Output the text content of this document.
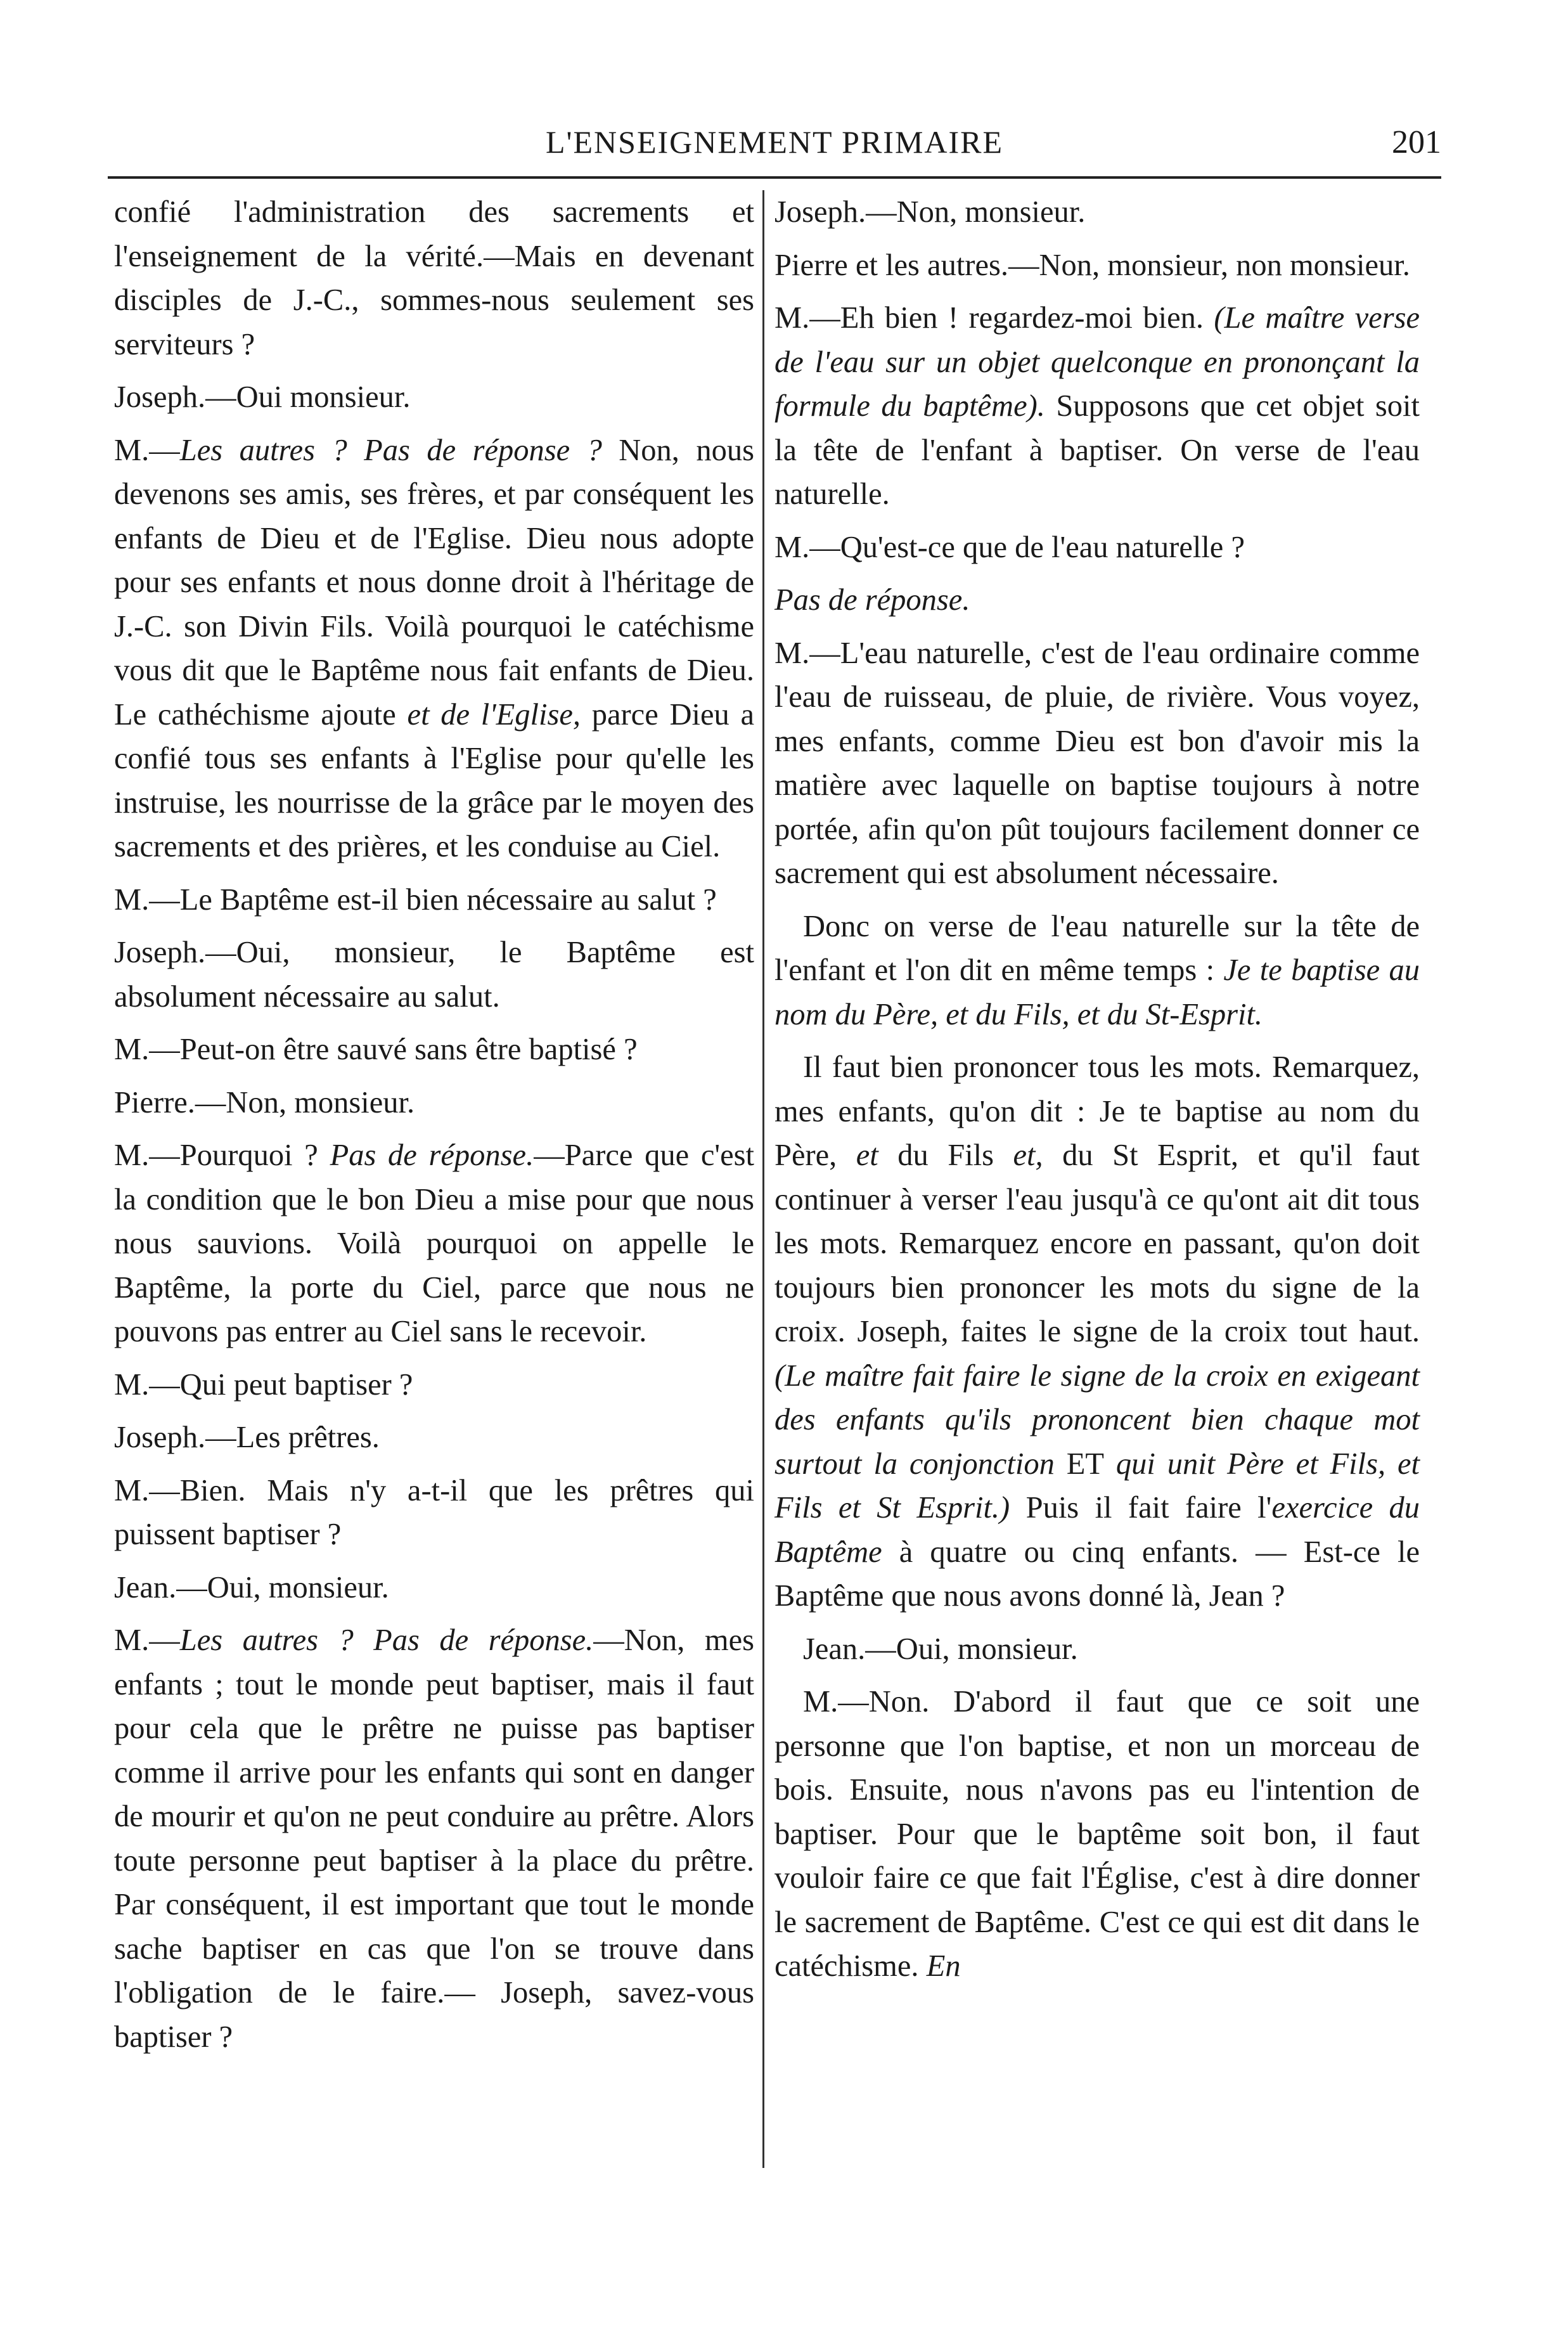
L'ENSEIGNEMENT PRIMAIRE	201

confié l'administration des sacrements et l'enseignement de la vérité.—Mais en devenant disciples de J.-C., sommes-nous seulement ses serviteurs ?

Joseph.—Oui monsieur.

M.—Les autres ? Pas de réponse ? Non, nous devenons ses amis, ses frères, et par conséquent les enfants de Dieu et de l'Eglise. Dieu nous adopte pour ses enfants et nous donne droit à l'héritage de J.-C. son Divin Fils. Voilà pourquoi le catéchisme vous dit que le Baptême nous fait enfants de Dieu. Le cathéchisme ajoute et de l'Eglise, parce Dieu a confié tous ses enfants à l'Eglise pour qu'elle les instruise, les nourrisse de la grâce par le moyen des sacrements et des prières, et les conduise au Ciel.

M.—Le Baptême est-il bien nécessaire au salut ?

Joseph.—Oui, monsieur, le Baptême est absolument nécessaire au salut.

M.—Peut-on être sauvé sans être baptisé ?

Pierre.—Non, monsieur.

M.—Pourquoi ? Pas de réponse.—Parce que c'est la condition que le bon Dieu a mise pour que nous nous sauvions. Voilà pourquoi on appelle le Baptême, la porte du Ciel, parce que nous ne pouvons pas entrer au Ciel sans le recevoir.

M.—Qui peut baptiser ?

Joseph.—Les prêtres.

M.—Bien. Mais n'y a-t-il que les prêtres qui puissent baptiser ?

Jean.—Oui, monsieur.

M.—Les autres ? Pas de réponse.—Non, mes enfants ; tout le monde peut baptiser, mais il faut pour cela que le prêtre ne puisse pas baptiser comme il arrive pour les enfants qui sont en danger de mourir et qu'on ne peut conduire au prêtre. Alors toute personne peut baptiser à la place du prêtre. Par conséquent, il est important que tout le monde sache baptiser en cas que l'on se trouve dans l'obligation de le faire.— Joseph, savez-vous baptiser ?

Joseph.—Non, monsieur.

Pierre et les autres.—Non, monsieur, non monsieur.

M.—Eh bien ! regardez-moi bien. (Le maître verse de l'eau sur un objet quelconque en prononçant la formule du baptême). Supposons que cet objet soit la tête de l'enfant à baptiser. On verse de l'eau naturelle.

M.—Qu'est-ce que de l'eau naturelle ?

Pas de réponse.

M.—L'eau naturelle, c'est de l'eau ordinaire comme l'eau de ruisseau, de pluie, de rivière. Vous voyez, mes enfants, comme Dieu est bon d'avoir mis la matière avec laquelle on baptise toujours à notre portée, afin qu'on pût toujours facilement donner ce sacrement qui est absolument nécessaire.

Donc on verse de l'eau naturelle sur la tête de l'enfant et l'on dit en même temps : Je te baptise au nom du Père, et du Fils, et du St-Esprit.

Il faut bien prononcer tous les mots. Remarquez, mes enfants, qu'on dit : Je te baptise au nom du Père, et du Fils et, du St Esprit, et qu'il faut continuer à verser l'eau jusqu'à ce qu'ont ait dit tous les mots. Remarquez encore en passant, qu'on doit toujours bien prononcer les mots du signe de la croix. Joseph, faites le signe de la croix tout haut. (Le maître fait faire le signe de la croix en exigeant des enfants qu'ils prononcent bien chaque mot surtout la conjonction ET qui unit Père et Fils, et Fils et St Esprit.) Puis il fait faire l'exercice du Baptême à quatre ou cinq enfants. — Est-ce le Baptême que nous avons donné là, Jean ?

Jean.—Oui, monsieur.

M.—Non. D'abord il faut que ce soit une personne que l'on baptise, et non un morceau de bois. Ensuite, nous n'avons pas eu l'intention de baptiser. Pour que le baptême soit bon, il faut vouloir faire ce que fait l'Église, c'est à dire donner le sacrement de Baptême. C'est ce qui est dit dans le catéchisme. En
